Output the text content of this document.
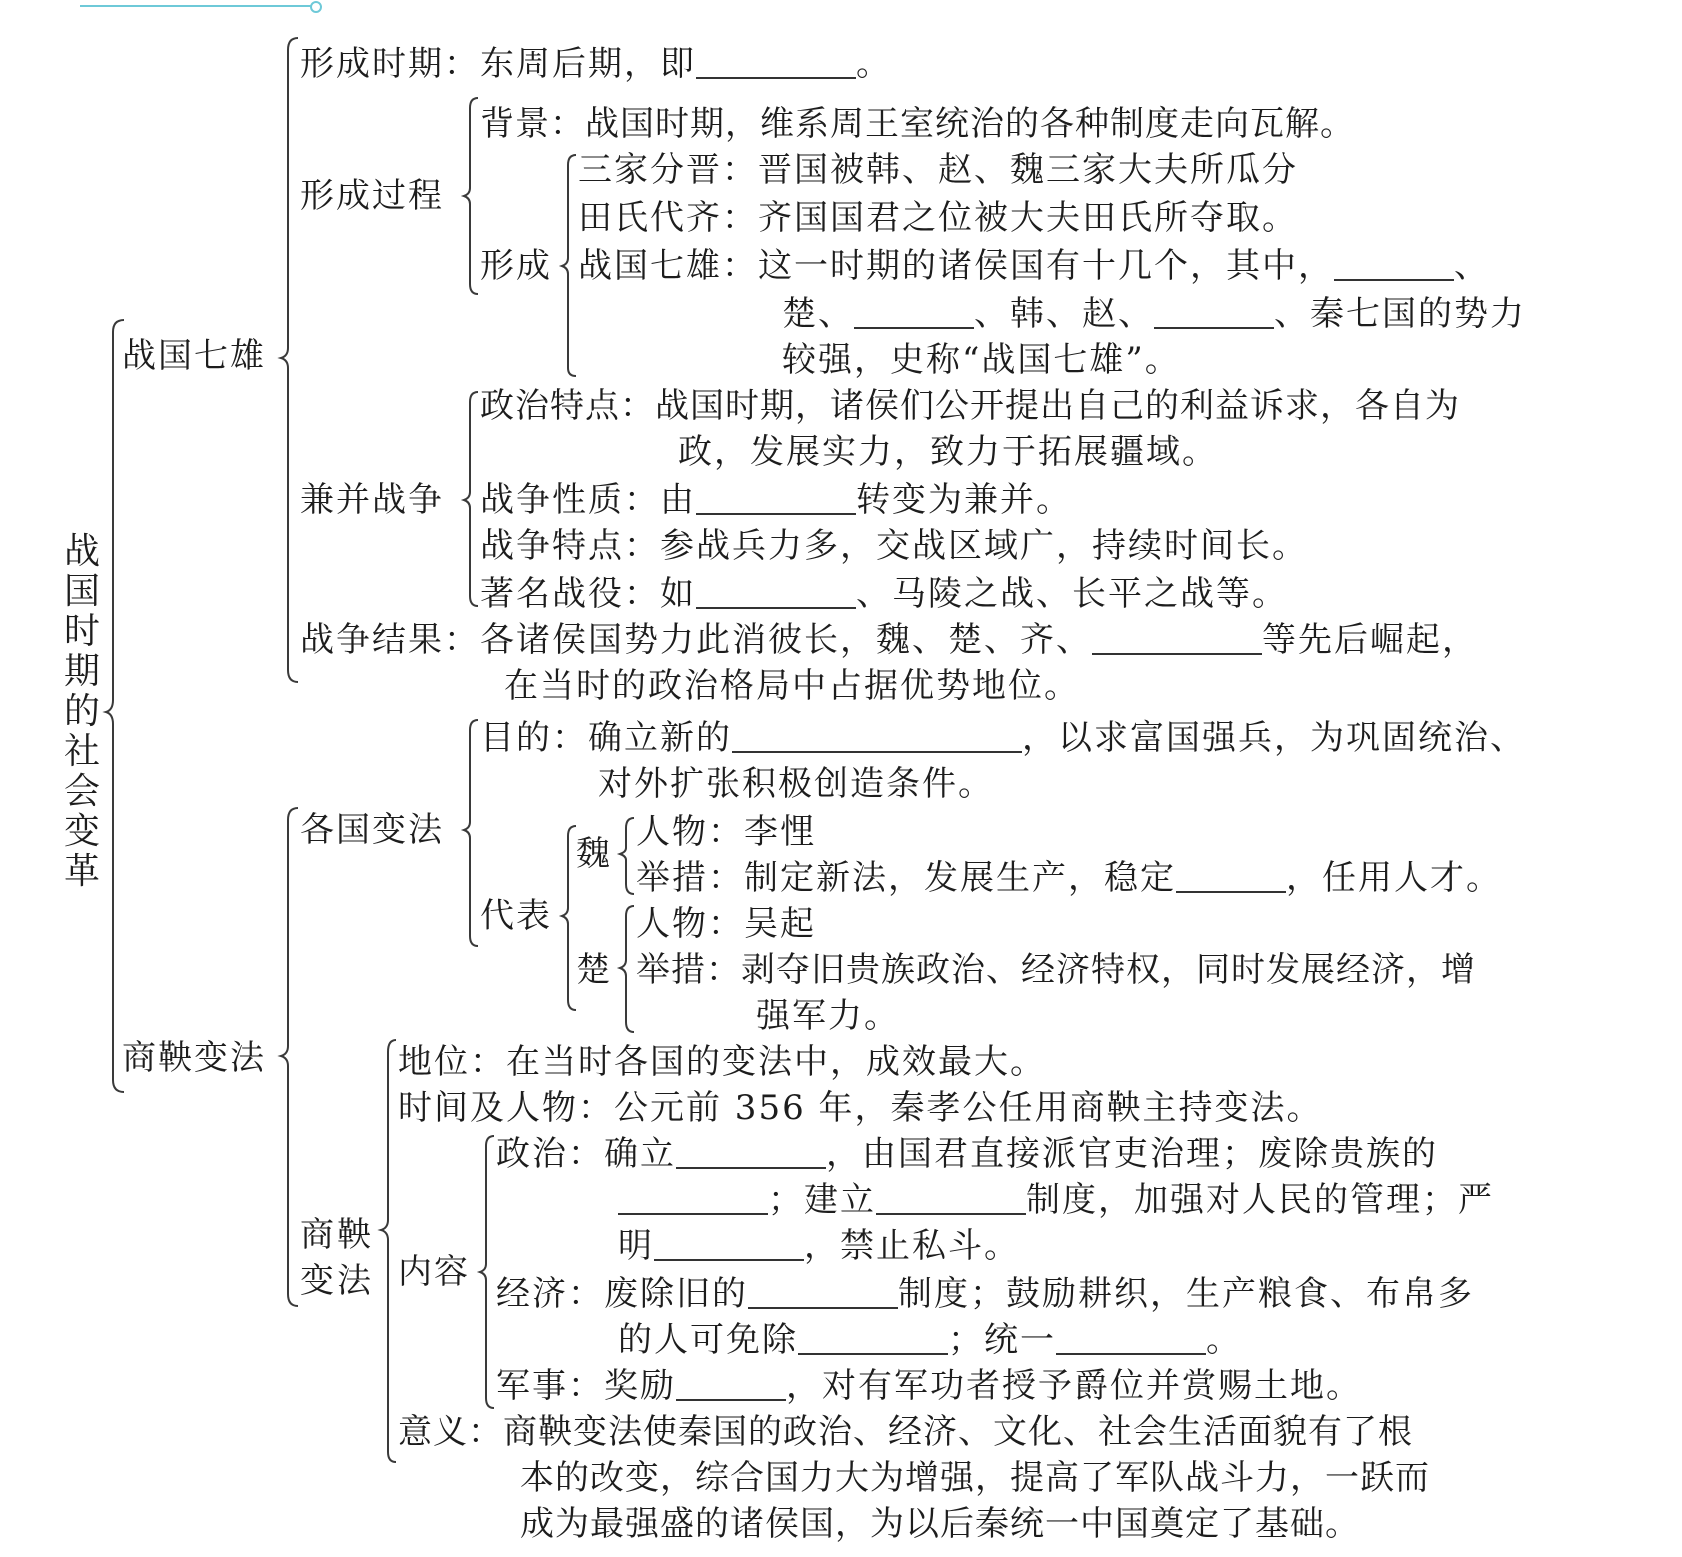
战国时期的社会变革
战国七雄
商鞅变法
形成时期：东周后期，即	。
形成过程
背景：战国时期，维系周王室统治的各种制度走向瓦解。
形成
三家分晋：晋国被韩、赵、魏三家大夫所瓜分
田氏代齐：齐国国君之位被大夫田氏所夺取。
战国七雄：这一时期的诸侯国有十几个，其中，	、
楚、	、韩、赵、	、秦七国的势力
较强，史称“战国七雄”。
兼并战争
政治特点：战国时期，诸侯们公开提出自己的利益诉求，各自为
政，发展实力，致力于拓展疆域。
战争性质：由	转变为兼并。
战争特点：参战兵力多，交战区域广，持续时间长。
著名战役：如	、马陵之战、长平之战等。
战争结果：各诸侯国势力此消彼长，魏、楚、齐、	等先后崛起，
在当时的政治格局中占据优势地位。
各国变法
目的：确立新的	，以求富国强兵，为巩固统治、
对外扩张积极创造条件。
代表
魏
人物：李悝
举措：制定新法，发展生产，稳定	，任用人才。
楚
人物：吴起
举措：剥夺旧贵族政治、经济特权，同时发展经济，增
强军力。
商鞅变法
地位：在当时各国的变法中，成效最大。
时间及人物：公元前 356 年，秦孝公任用商鞅主持变法。
内容
政治：确立	，由国君直接派官吏治理；废除贵族的
；建立	制度，加强对人民的管理；严
明	，禁止私斗。
经济：废除旧的	制度；鼓励耕织，生产粮食、布帛多
的人可免除	；统一	。
军事：奖励	，对有军功者授予爵位并赏赐土地。
意义：商鞅变法使秦国的政治、经济、文化、社会生活面貌有了根
本的改变，综合国力大为增强，提高了军队战斗力，一跃而
成为最强盛的诸侯国，为以后秦统一中国奠定了基础。
